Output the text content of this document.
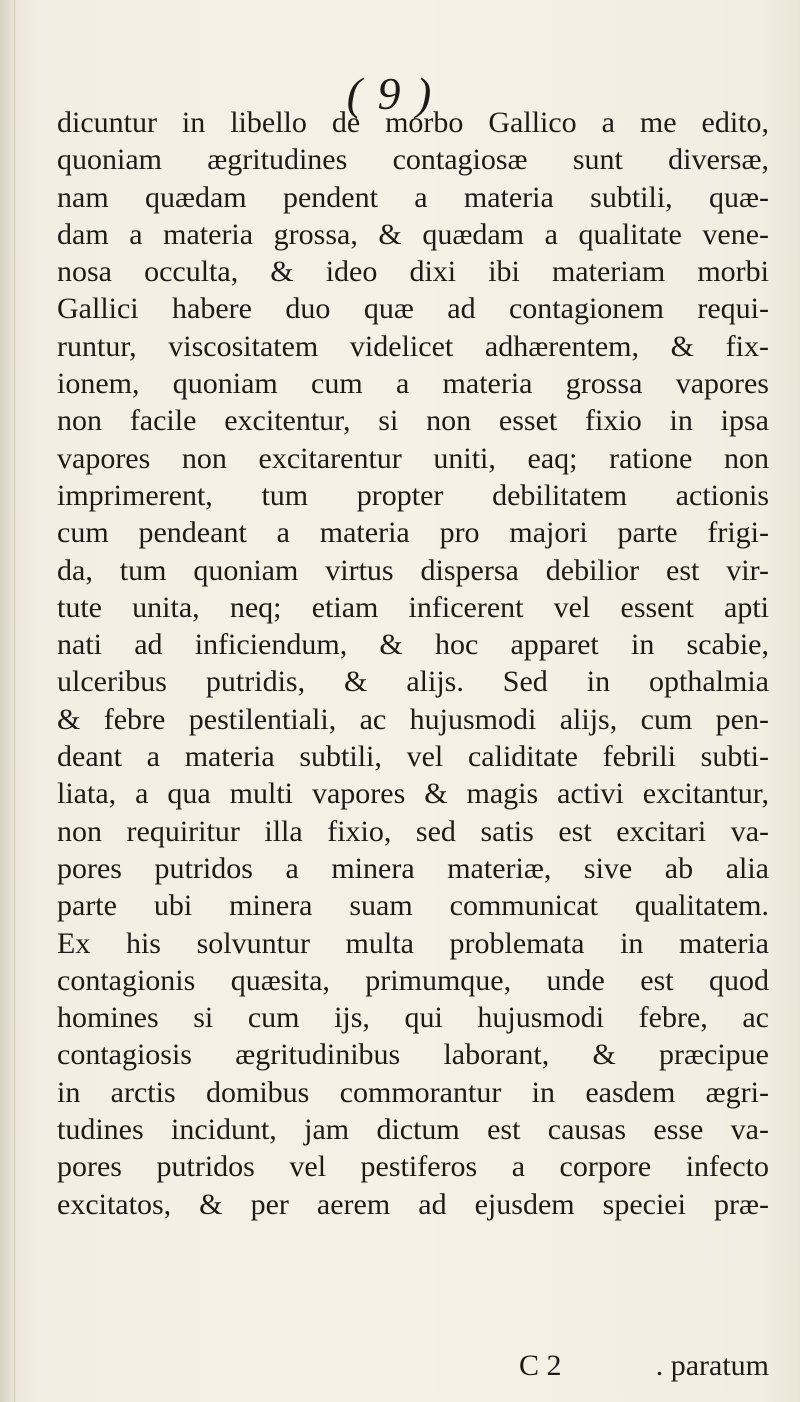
( 9 )
dicuntur in libello de morbo Gallico a me edito,
quoniam ægritudines contagiosæ sunt diversæ,
nam quædam pendent a materia subtili, quæ-
dam a materia grossa, & quædam a qualitate vene-
nosa occulta, & ideo dixi ibi materiam morbi
Gallici habere duo quæ ad contagionem requi-
runtur, viscositatem videlicet adhærentem, & fix-
ionem, quoniam cum a materia grossa vapores
non facile excitentur, si non esset fixio in ipsa
vapores non excitarentur uniti, eaq; ratione non
imprimerent, tum propter debilitatem actionis
cum pendeant a materia pro majori parte frigi-
da, tum quoniam virtus dispersa debilior est vir-
tute unita, neq; etiam inficerent vel essent apti
nati ad inficiendum, & hoc apparet in scabie,
ulceribus putridis, & alijs. Sed in opthalmia
& febre pestilentiali, ac hujusmodi alijs, cum pen-
deant a materia subtili, vel caliditate febrili subti-
liata, a qua multi vapores & magis activi excitantur,
non requiritur illa fixio, sed satis est excitari va-
pores putridos a minera materiæ, sive ab alia
parte ubi minera suam communicat qualitatem.
Ex his solvuntur multa problemata in materia
contagionis quæsita, primumque, unde est quod
homines si cum ijs, qui hujusmodi febre, ac
contagiosis ægritudinibus laborant, & præcipue
in arctis domibus commorantur in easdem ægri-
tudines incidunt, jam dictum est causas esse va-
pores putridos vel pestiferos a corpore infecto
excitatos, & per aerem ad ejusdem speciei præ-
C 2	. paratum
